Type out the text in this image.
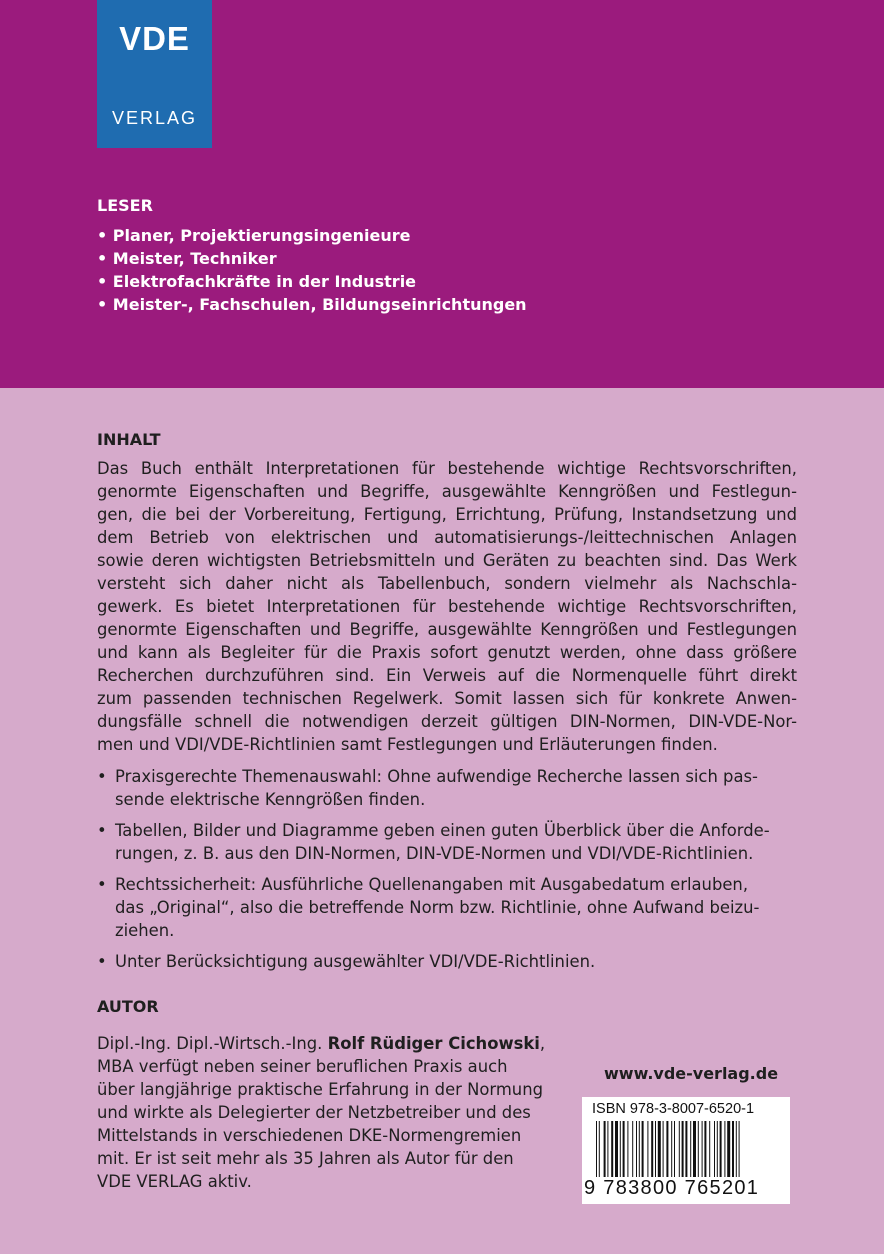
VDE
VERLAG
LESER
• Planer, Projektierungsingenieure
• Meister, Techniker
• Elektrofachkräfte in der Industrie
• Meister-, Fachschulen, Bildungseinrichtungen
INHALT

Das Buch enthält Interpretationen für bestehende wichtige Rechtsvorschriften,
genormte Eigenschaften und Begriffe, ausgewählte Kenngrößen und Festlegun-
gen, die bei der Vorbereitung, Fertigung, Errichtung, Prüfung, Instandsetzung und
dem Betrieb von elektrischen und automatisierungs-/leittechnischen Anlagen
sowie deren wichtigsten Betriebsmitteln und Geräten zu beachten sind. Das Werk
versteht sich daher nicht als Tabellenbuch, sondern vielmehr als Nachschla-
gewerk. Es bietet Interpretationen für bestehende wichtige Rechtsvorschriften,
genormte Eigenschaften und Begriffe, ausgewählte Kenngrößen und Festlegungen
und kann als Begleiter für die Praxis sofort genutzt werden, ohne dass größere
Recherchen durchzuführen sind. Ein Verweis auf die Normenquelle führt direkt
zum passenden technischen Regelwerk. Somit lassen sich für konkrete Anwen-
dungsfälle schnell die notwendigen derzeit gültigen DIN-Normen, DIN-VDE-Nor-
men und VDI/VDE-Richtlinien samt Festlegungen und Erläuterungen finden.

• Praxisgerechte Themenauswahl: Ohne aufwendige Recherche lassen sich pas-
sende elektrische Kenngrößen finden.
• Tabellen, Bilder und Diagramme geben einen guten Überblick über die Anforde-
rungen, z. B. aus den DIN-Normen, DIN-VDE-Normen und VDI/VDE-Richtlinien.
• Rechtssicherheit: Ausführliche Quellenangaben mit Ausgabedatum erlauben,
das „Original“, also die betreffende Norm bzw. Richtlinie, ohne Aufwand beizu-
ziehen.
• Unter Berücksichtigung ausgewählter VDI/VDE-Richtlinien.
AUTOR

Dipl.-Ing. Dipl.-Wirtsch.-Ing. Rolf Rüdiger Cichowski,
MBA verfügt neben seiner beruflichen Praxis auch
über langjährige praktische Erfahrung in der Normung
und wirkte als Delegierter der Netzbetreiber und des
Mittelstands in verschiedenen DKE-Normengremien
mit. Er ist seit mehr als 35 Jahren als Autor für den
VDE VERLAG aktiv.

www.vde-verlag.de
ISBN 978-3-8007-6520-1
9 783800 765201
